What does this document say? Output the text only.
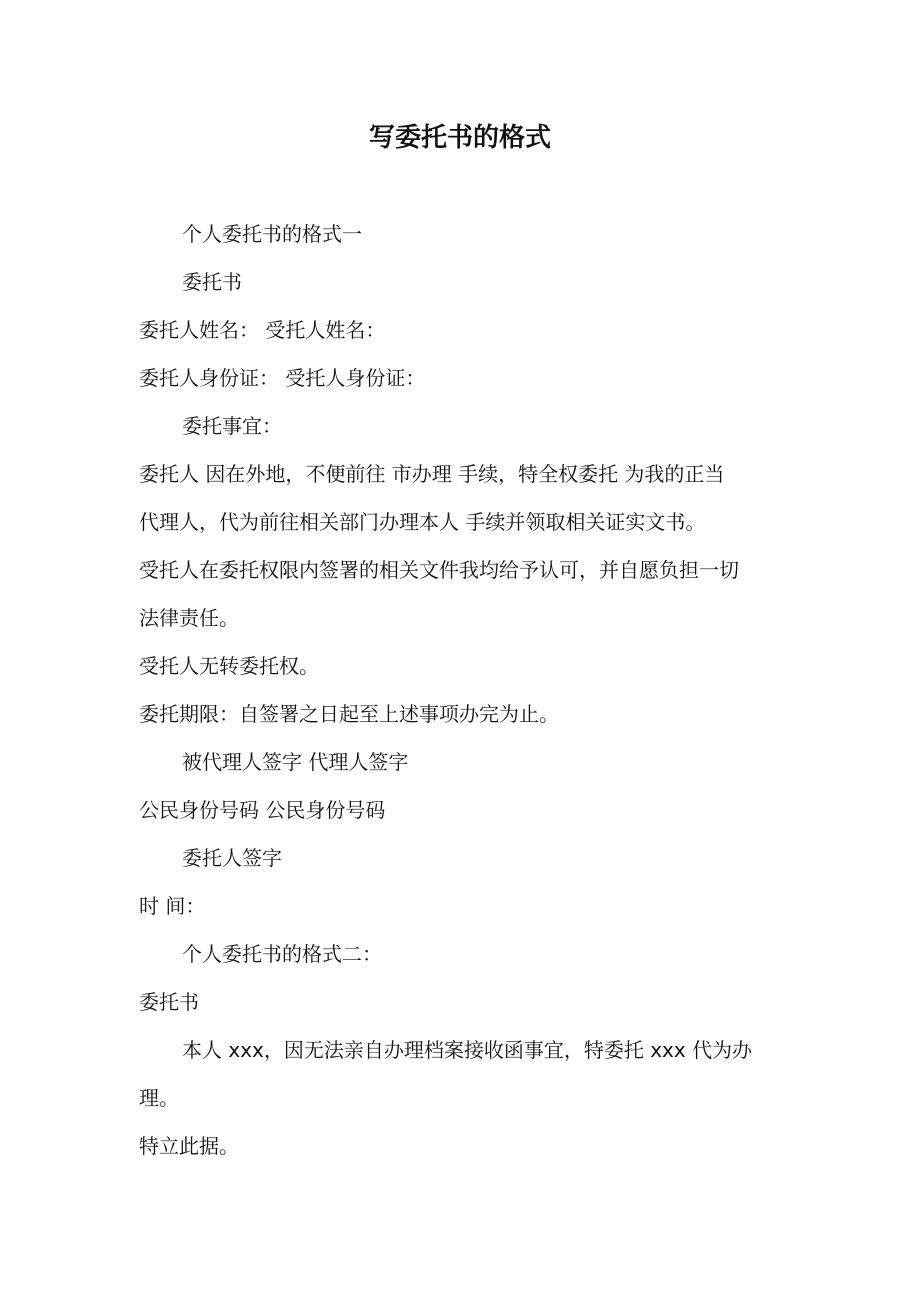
写委托书的格式
个人委托书的格式一
委托书
委托人姓名： 受托人姓名：
委托人身份证： 受托人身份证：
委托事宜：
委托人 因在外地，不便前往 市办理 手续，特全权委托 为我的正当
代理人，代为前往相关部门办理本人 手续并领取相关证实文书。
受托人在委托权限内签署的相关文件我均给予认可，并自愿负担一切
法律责任。
受托人无转委托权。
委托期限：自签署之日起至上述事项办完为止。
被代理人签字 代理人签字
公民身份号码 公民身份号码
委托人签字
时 间：
个人委托书的格式二：
委托书
本人 xxx，因无法亲自办理档案接收函事宜，特委托 xxx 代为办
理。
特立此据。
